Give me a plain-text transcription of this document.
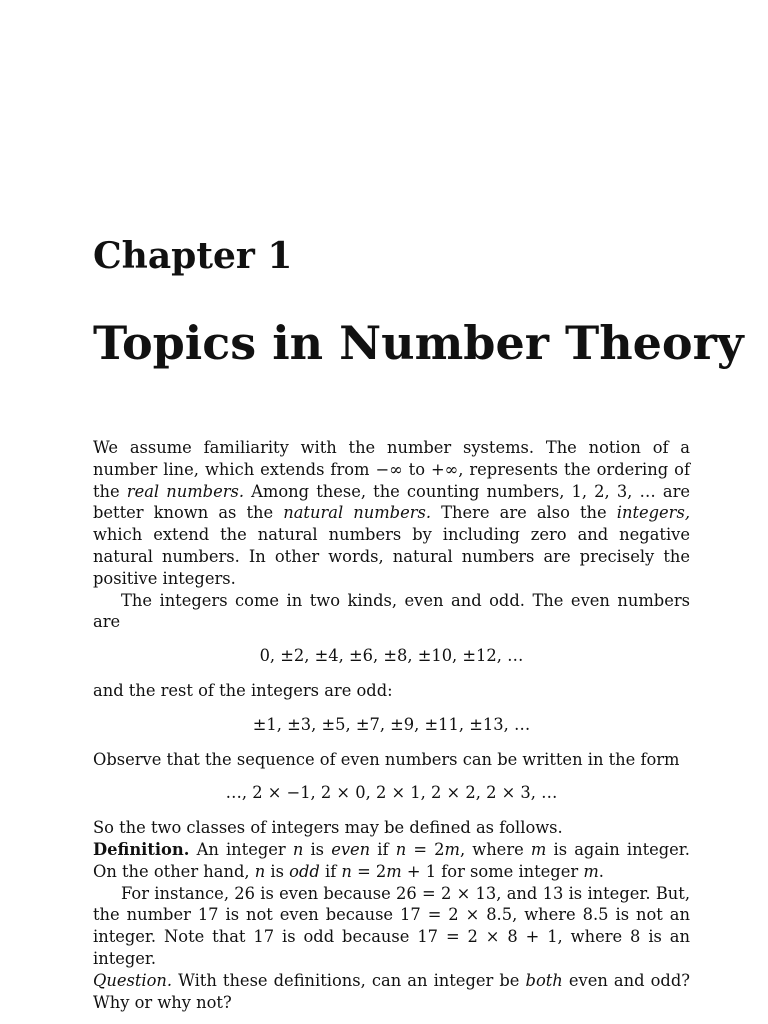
Chapter 1
Topics in Number Theory

We assume familiarity with the number systems. The notion of a number line, which extends from −∞ to +∞, represents the ordering of the real numbers. Among these, the counting numbers, 1, 2, 3, … are better known as the natural numbers. There are also the integers, which extend the natural numbers by including zero and negative natural numbers. In other words, natural numbers are precisely the positive integers.

The integers come in two kinds, even and odd. The even numbers are

0, ±2, ±4, ±6, ±8, ±10, ±12, …

and the rest of the integers are odd:

±1, ±3, ±5, ±7, ±9, ±11, ±13, …

Observe that the sequence of even numbers can be written in the form

…, 2 × −1, 2 × 0, 2 × 1, 2 × 2, 2 × 3, …

So the two classes of integers may be defined as follows.

Definition. An integer n is even if n = 2m, where m is again integer. On the other hand, n is odd if n = 2m + 1 for some integer m.

For instance, 26 is even because 26 = 2 × 13, and 13 is integer. But, the number 17 is not even because 17 = 2 × 8.5, where 8.5 is not an integer. Note that 17 is odd because 17 = 2 × 8 + 1, where 8 is an integer.

Question. With these definitions, can an integer be both even and odd? Why or why not?
